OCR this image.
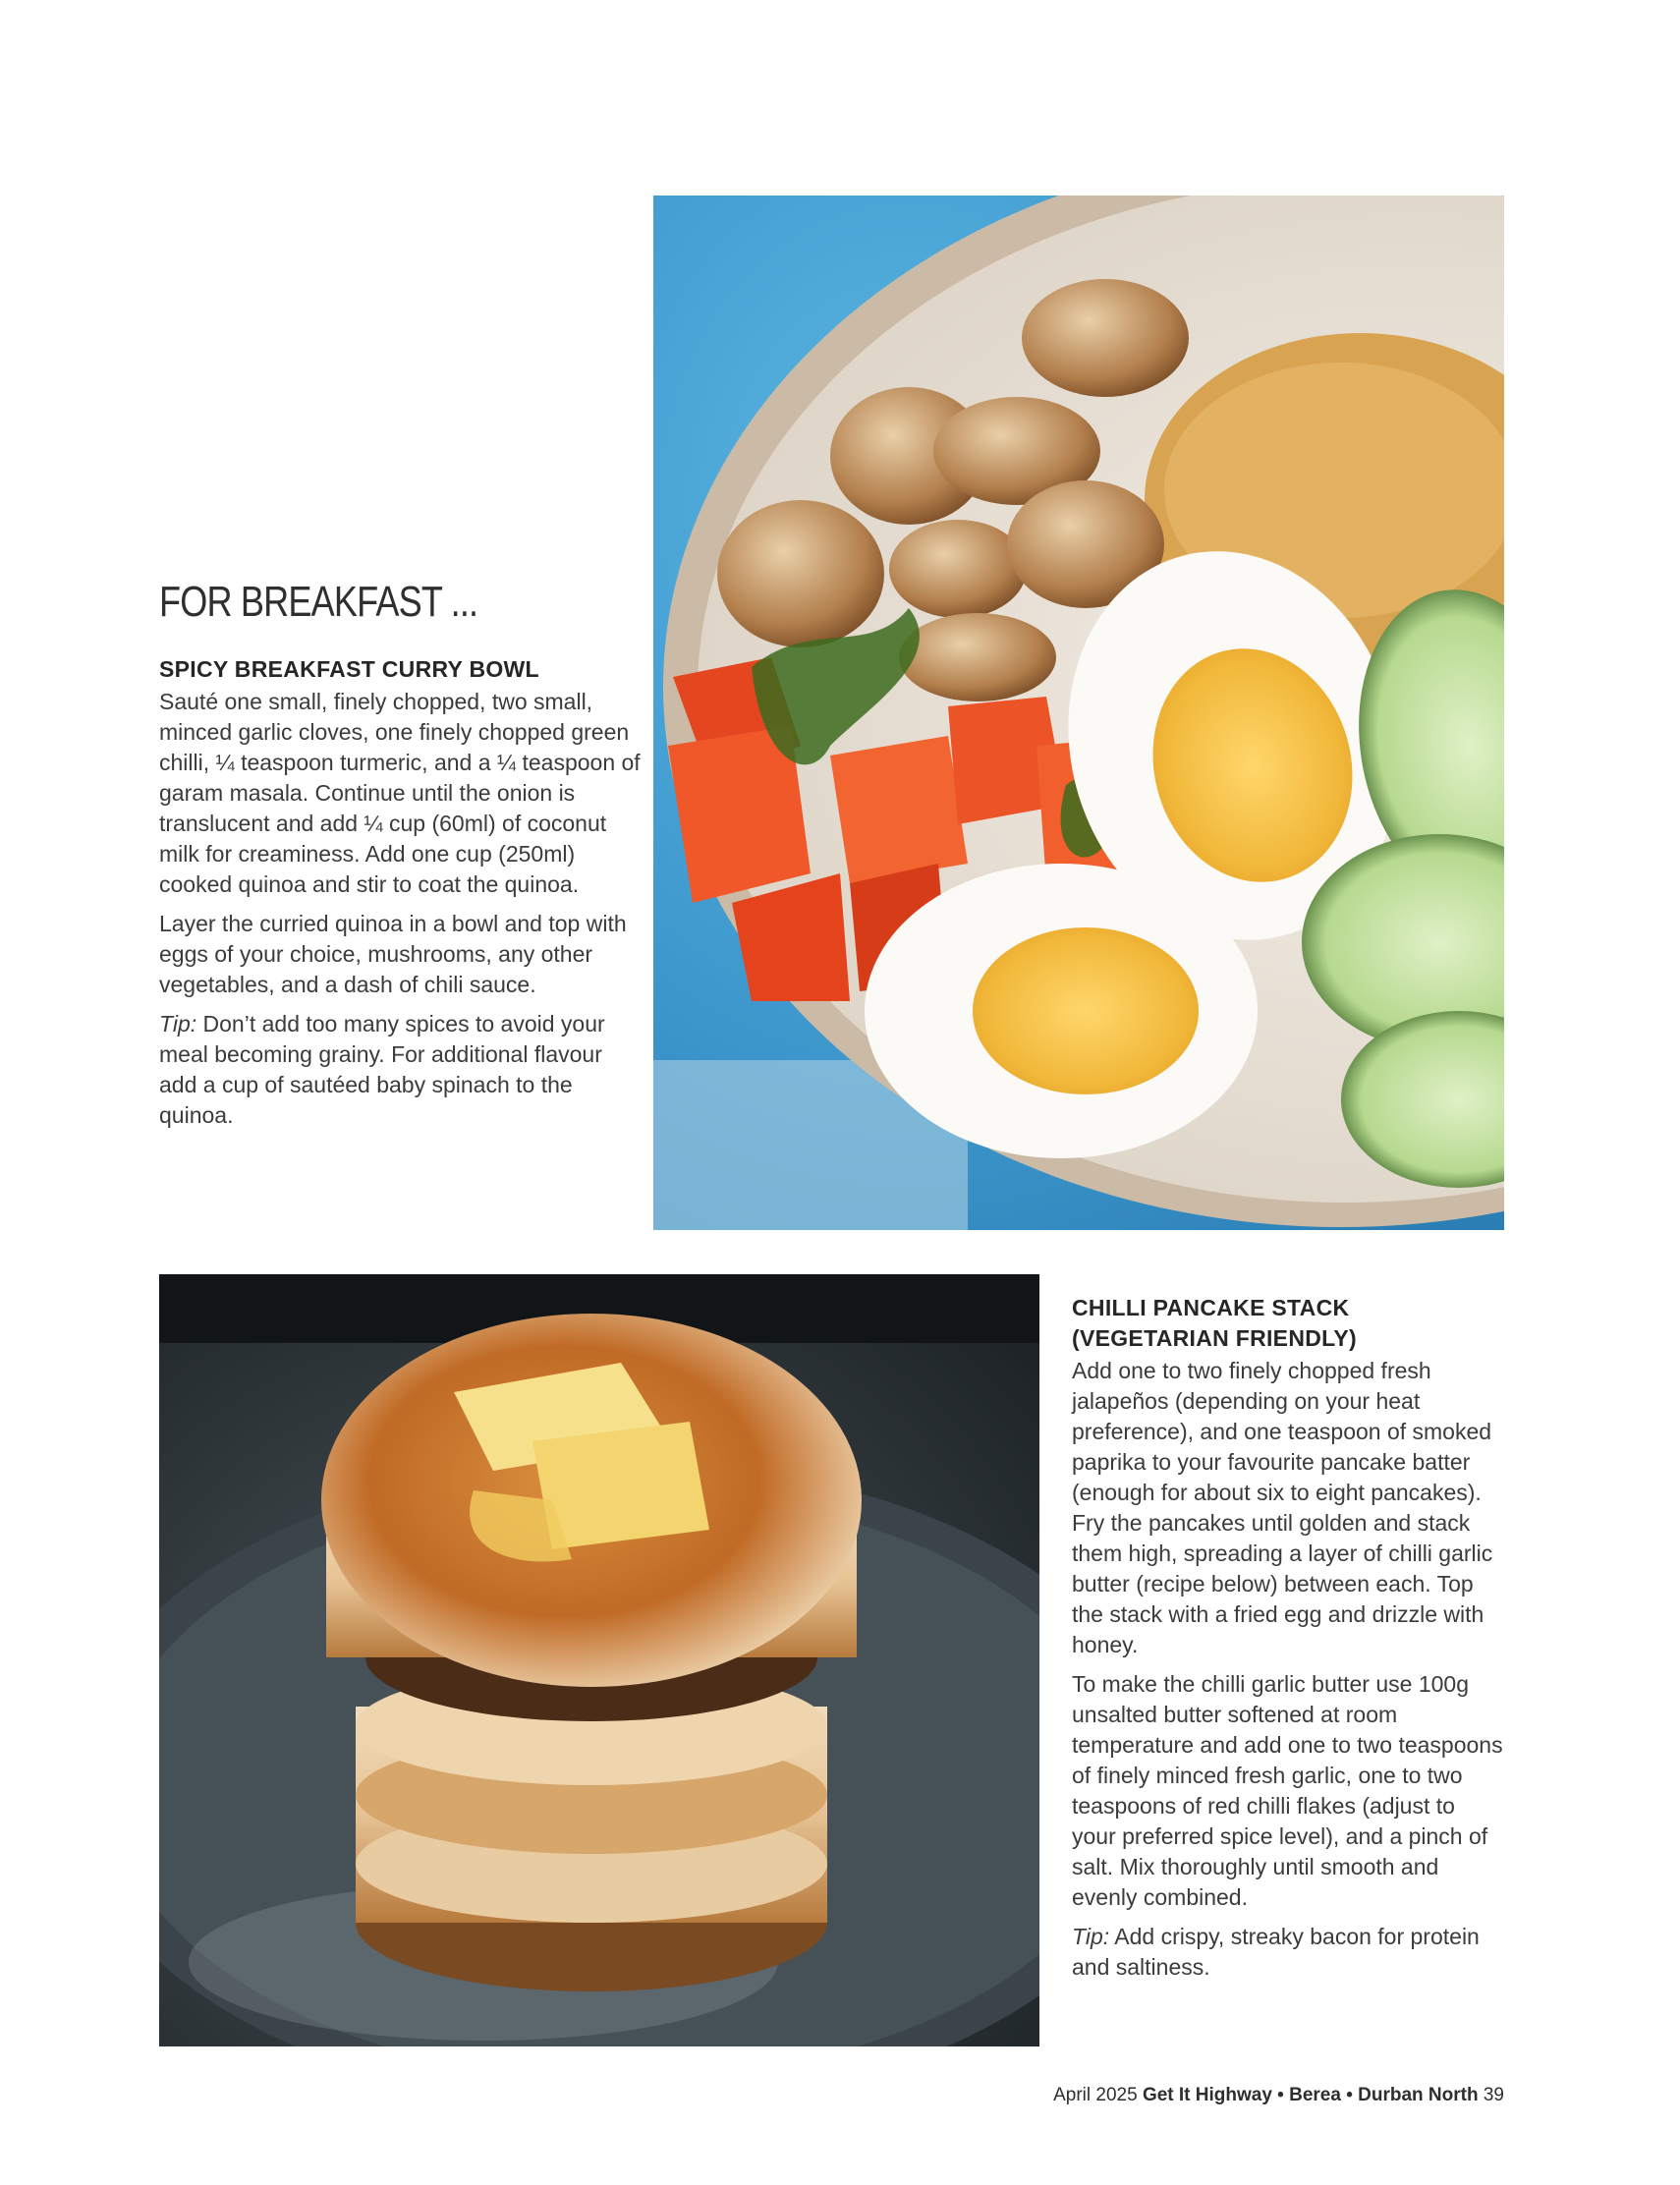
FOR BREAKFAST ...
SPICY BREAKFAST CURRY BOWL

Sauté one small, finely chopped, two small, minced garlic cloves, one finely chopped green chilli, ¼ teaspoon turmeric, and a ¼ teaspoon of garam masala. Continue until the onion is translucent and add ¼ cup (60ml) of coconut milk for creaminess. Add one cup (250ml) cooked quinoa and stir to coat the quinoa.

Layer the curried quinoa in a bowl and top with eggs of your choice, mushrooms, any other vegetables, and a dash of chili sauce.

Tip: Don’t add too many spices to avoid your meal becoming grainy. For additional flavour add a cup of sautéed baby spinach to the quinoa.

CHILLI PANCAKE STACK
(VEGETARIAN FRIENDLY)

Add one to two finely chopped fresh jalapeños (depending on your heat preference), and one teaspoon of smoked paprika to your favourite pancake batter (enough for about six to eight pancakes). Fry the pancakes until golden and stack them high, spreading a layer of chilli garlic butter (recipe below) between each. Top the stack with a fried egg and drizzle with honey.

To make the chilli garlic butter use 100g unsalted butter softened at room temperature and add one to two teaspoons of finely minced fresh garlic, one to two teaspoons of red chilli flakes (adjust to your preferred spice level), and a pinch of salt. Mix thoroughly until smooth and evenly combined.

Tip: Add crispy, streaky bacon for protein and saltiness.

April 2025 Get It Highway • Berea • Durban North 39
